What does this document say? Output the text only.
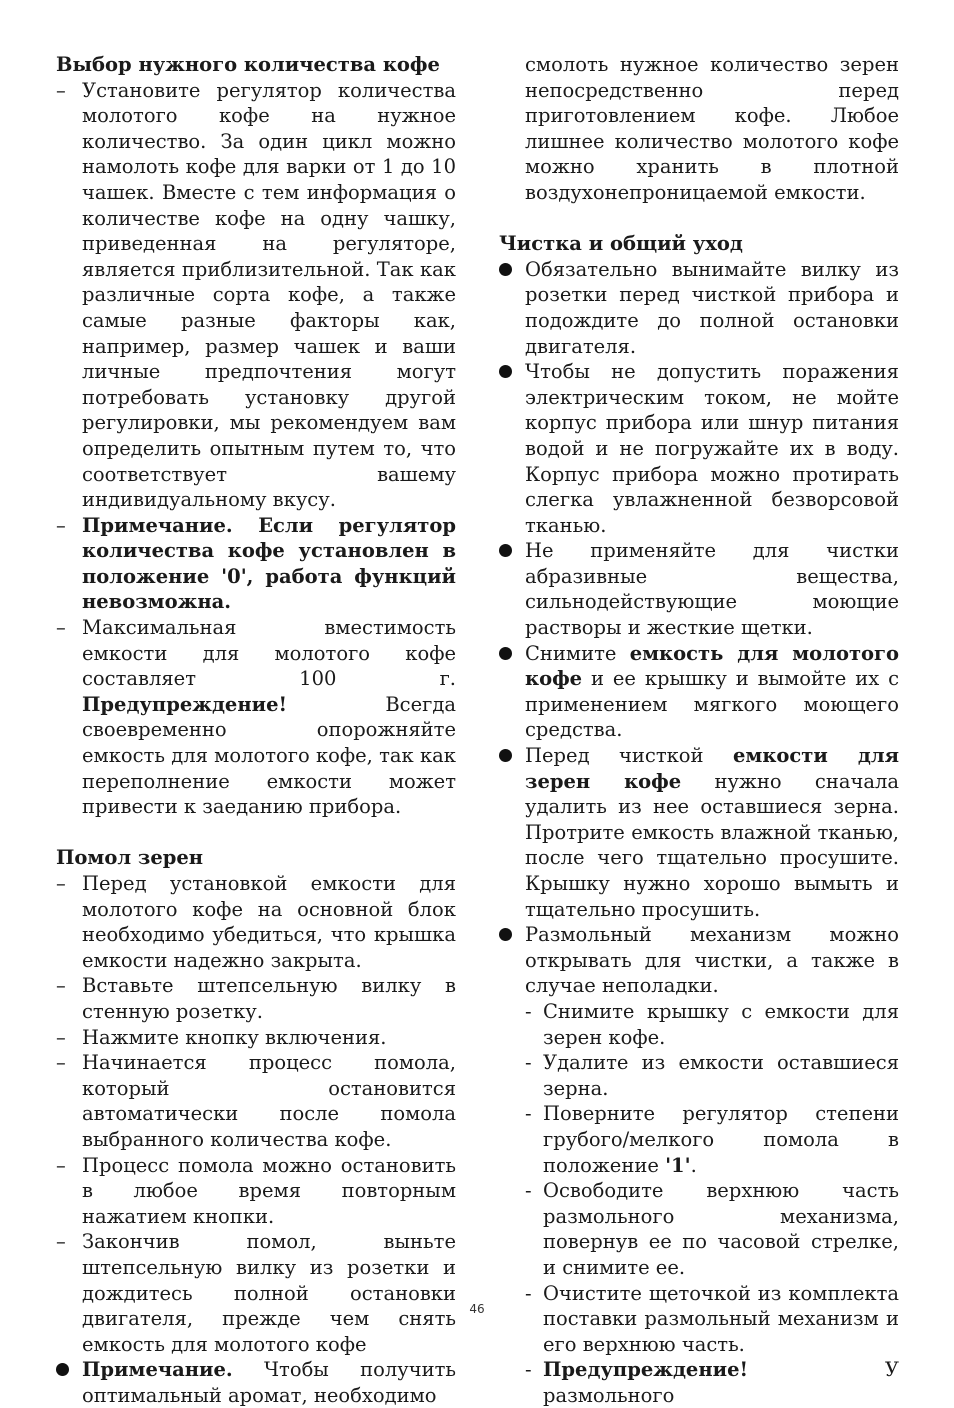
Выбор нужного количества кофе

– Установите регулятор количества молотого кофе на нужное количество. За один цикл можно намолоть кофе для варки от 1 до 10 чашек. Вместе с тем информация о количестве кофе на одну чашку, приведенная на регуляторе, является приблизительной. Так как различные сорта кофе, а также самые разные факторы как, например, размер чашек и ваши личные предпочтения могут потребовать установку другой регулировки, мы рекомендуем вам определить опытным путем то, что соответствует вашему индивидуальному вкусу.

– Примечание. Если регулятор количества кофе установлен в положение '0', работа функций невозможна.

– Максимальная вместимость емкости для молотого кофе составляет 100 г. Предупреждение! Всегда своевременно опорожняйте емкость для молотого кофе, так как переполнение емкости может привести к заеданию прибора.

Помол зерен

– Перед установкой емкости для молотого кофе на основной блок необходимо убедиться, что крышка емкости надежно закрыта.

– Вставьте штепсельную вилку в стенную розетку.

– Нажмите кнопку включения.

– Начинается процесс помола, который остановится автоматически после помола выбранного количества кофе.

– Процесс помола можно остановить в любое время повторным нажатием кнопки.

– Закончив помол, выньте штепсельную вилку из розетки и дождитесь полной остановки двигателя, прежде чем снять емкость для молотого кофе

Примечание. Чтобы получить оптимальный аромат, необходимо

смолоть нужное количество зерен непосредственно перед приготовлением кофе. Любое лишнее количество молотого кофе можно хранить в плотной воздухонепроницаемой емкости.

Чистка и общий уход

Обязательно вынимайте вилку из розетки перед чисткой прибора и подождите до полной остановки двигателя.

Чтобы не допустить поражения электрическим током, не мойте корпус прибора или шнур питания водой и не погружайте их в воду. Корпус прибора можно протирать слегка увлажненной безворсовой тканью.

Не применяйте для чистки абразивные вещества, сильнодействующие моющие растворы и жесткие щетки.

Снимите емкость для молотого кофе и ее крышку и вымойте их с применением мягкого моющего средства.

Перед чисткой емкости для зерен кофе нужно сначала удалить из нее оставшиеся зерна. Протрите емкость влажной тканью, после чего тщательно просушите. Крышку нужно хорошо вымыть и тщательно просушить.

Размольный механизм можно открывать для чистки, а также в случае неполадки.

- Снимите крышку с емкости для зерен кофе.

- Удалите из емкости оставшиеся зерна.

- Поверните регулятор степени грубого/мелкого помола в положение '1'.

- Освободите верхнюю часть размольного механизма, повернув ее по часовой стрелке, и снимите ее.

- Очистите щеточкой из комплекта поставки размольный механизм и его верхнюю часть.

- Предупреждение! У размольного

46
